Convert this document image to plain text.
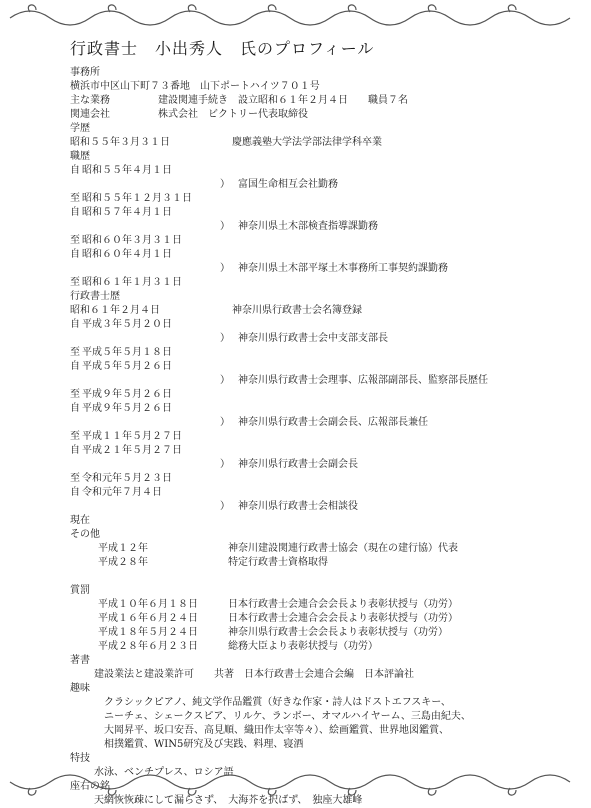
行政書士　小出秀人　氏のプロフィール
事務所
横浜市中区山下町７３番地　山下ポートハイツ７０１号
主な業務	建設関連手続き　設立昭和６１年２月４日　　職員７名
関連会社	株式会社　ビクトリー代表取締役
学歴
昭和５５年３月３１日	慶應義塾大学法学部法律学科卒業
職歴
自 昭和５５年４月１日
） 富国生命相互会社勤務
至 昭和５５年１２月３１日
自 昭和５７年４月１日
） 神奈川県土木部検査指導課勤務
至 昭和６０年３月３１日
自 昭和６０年４月１日
） 神奈川県土木部平塚土木事務所工事契約課勤務
至 昭和６１年１月３１日
行政書士歴
昭和６１年２月４日	神奈川県行政書士会名簿登録
自 平成３年５月２０日
） 神奈川県行政書士会中支部支部長
至 平成５年５月１８日
自 平成５年５月２６日
） 神奈川県行政書士会理事、広報部副部長、監察部長歴任
至 平成９年５月２６日
自 平成９年５月２６日
） 神奈川県行政書士会副会長、広報部長兼任
至 平成１１年５月２７日
自 平成２１年５月２７日
） 神奈川県行政書士会副会長
至 令和元年５月２３日
自 令和元年７月４日
） 神奈川県行政書士会相談役
現在
その他
平成１２年	神奈川建設関連行政書士協会（現在の建行協）代表
平成２８年	特定行政書士資格取得
賞罰
平成１０年６月１８日	日本行政書士会連合会会長より表彰状授与（功労）
平成１６年６月２４日	日本行政書士会連合会会長より表彰状授与（功労）
平成１８年５月２４日	神奈川県行政書士会会長より表彰状授与（功労）
平成２８年６月２３日	総務大臣より表彰状授与（功労）
著書
建設業法と建設業許可　　共著　日本行政書士会連合会編　日本評論社
趣味
クラシックピアノ、純文学作品鑑賞（好きな作家・詩人はドストエフスキー、
ニーチェ、シェークスピア、リルケ、ランボー、オマルハイヤーム、三島由紀夫、
大岡昇平、坂口安吾、高見順、織田作太宰等々）、絵画鑑賞、世界地図鑑賞、
相撲鑑賞、WIN5研究及び実践、料理、寝酒
特技
水泳、ベンチプレス、ロシア語
座右の銘
天網恢恢疎にして漏らさず、　大海芥を択ばず、　独座大雄峰
